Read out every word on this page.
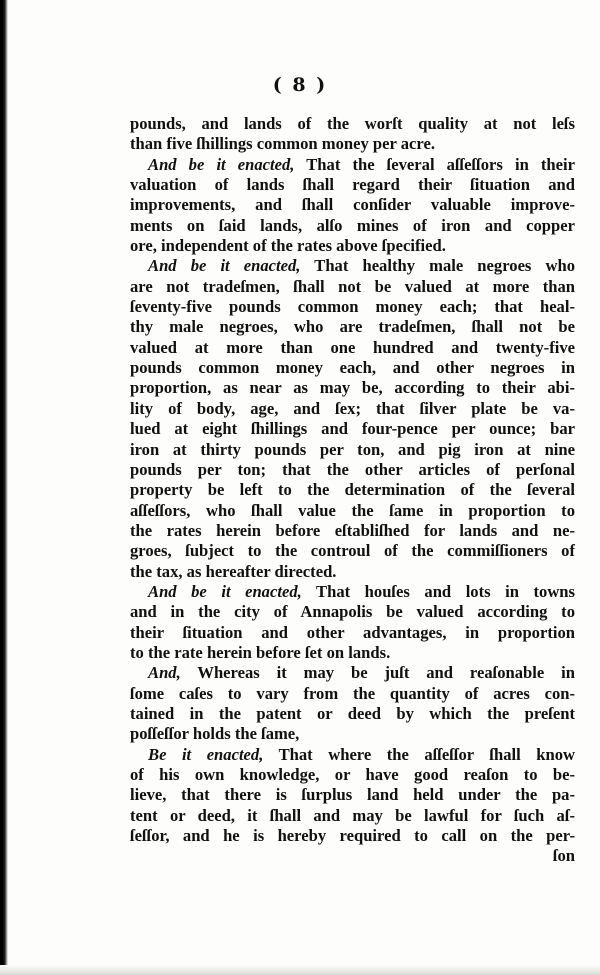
( 8 )
pounds, and lands of the worſt quality at not leſs
than five ſhillings common money per acre.
And be it enacted, That the ſeveral aſſeſſors in their
valuation of lands ſhall regard their ſituation and
improvements, and ſhall conſider valuable improve-
ments on ſaid lands, alſo mines of iron and copper
ore, independent of the rates above ſpecified.
And be it enacted, That healthy male negroes who
are not tradeſmen, ſhall not be valued at more than
ſeventy-five pounds common money each; that heal-
thy male negroes, who are tradeſmen, ſhall not be
valued at more than one hundred and twenty-five
pounds common money each, and other negroes in
proportion, as near as may be, according to their abi-
lity of body, age, and ſex; that ſilver plate be va-
lued at eight ſhillings and four-pence per ounce; bar
iron at thirty pounds per ton, and pig iron at nine
pounds per ton; that the other articles of perſonal
property be left to the determination of the ſeveral
aſſeſſors, who ſhall value the ſame in proportion to
the rates herein before eſtabliſhed for lands and ne-
groes, ſubject to the controul of the commiſſioners of
the tax, as hereafter directed.
And be it enacted, That houſes and lots in towns
and in the city of Annapolis be valued according to
their ſituation and other advantages, in proportion
to the rate herein before ſet on lands.
And, Whereas it may be juſt and reaſonable in
ſome caſes to vary from the quantity of acres con-
tained in the patent or deed by which the preſent
poſſeſſor holds the ſame,
Be it enacted, That where the aſſeſſor ſhall know
of his own knowledge, or have good reaſon to be-
lieve, that there is ſurplus land held under the pa-
tent or deed, it ſhall and may be lawful for ſuch aſ-
ſeſſor, and he is hereby required to call on the per-
ſon
